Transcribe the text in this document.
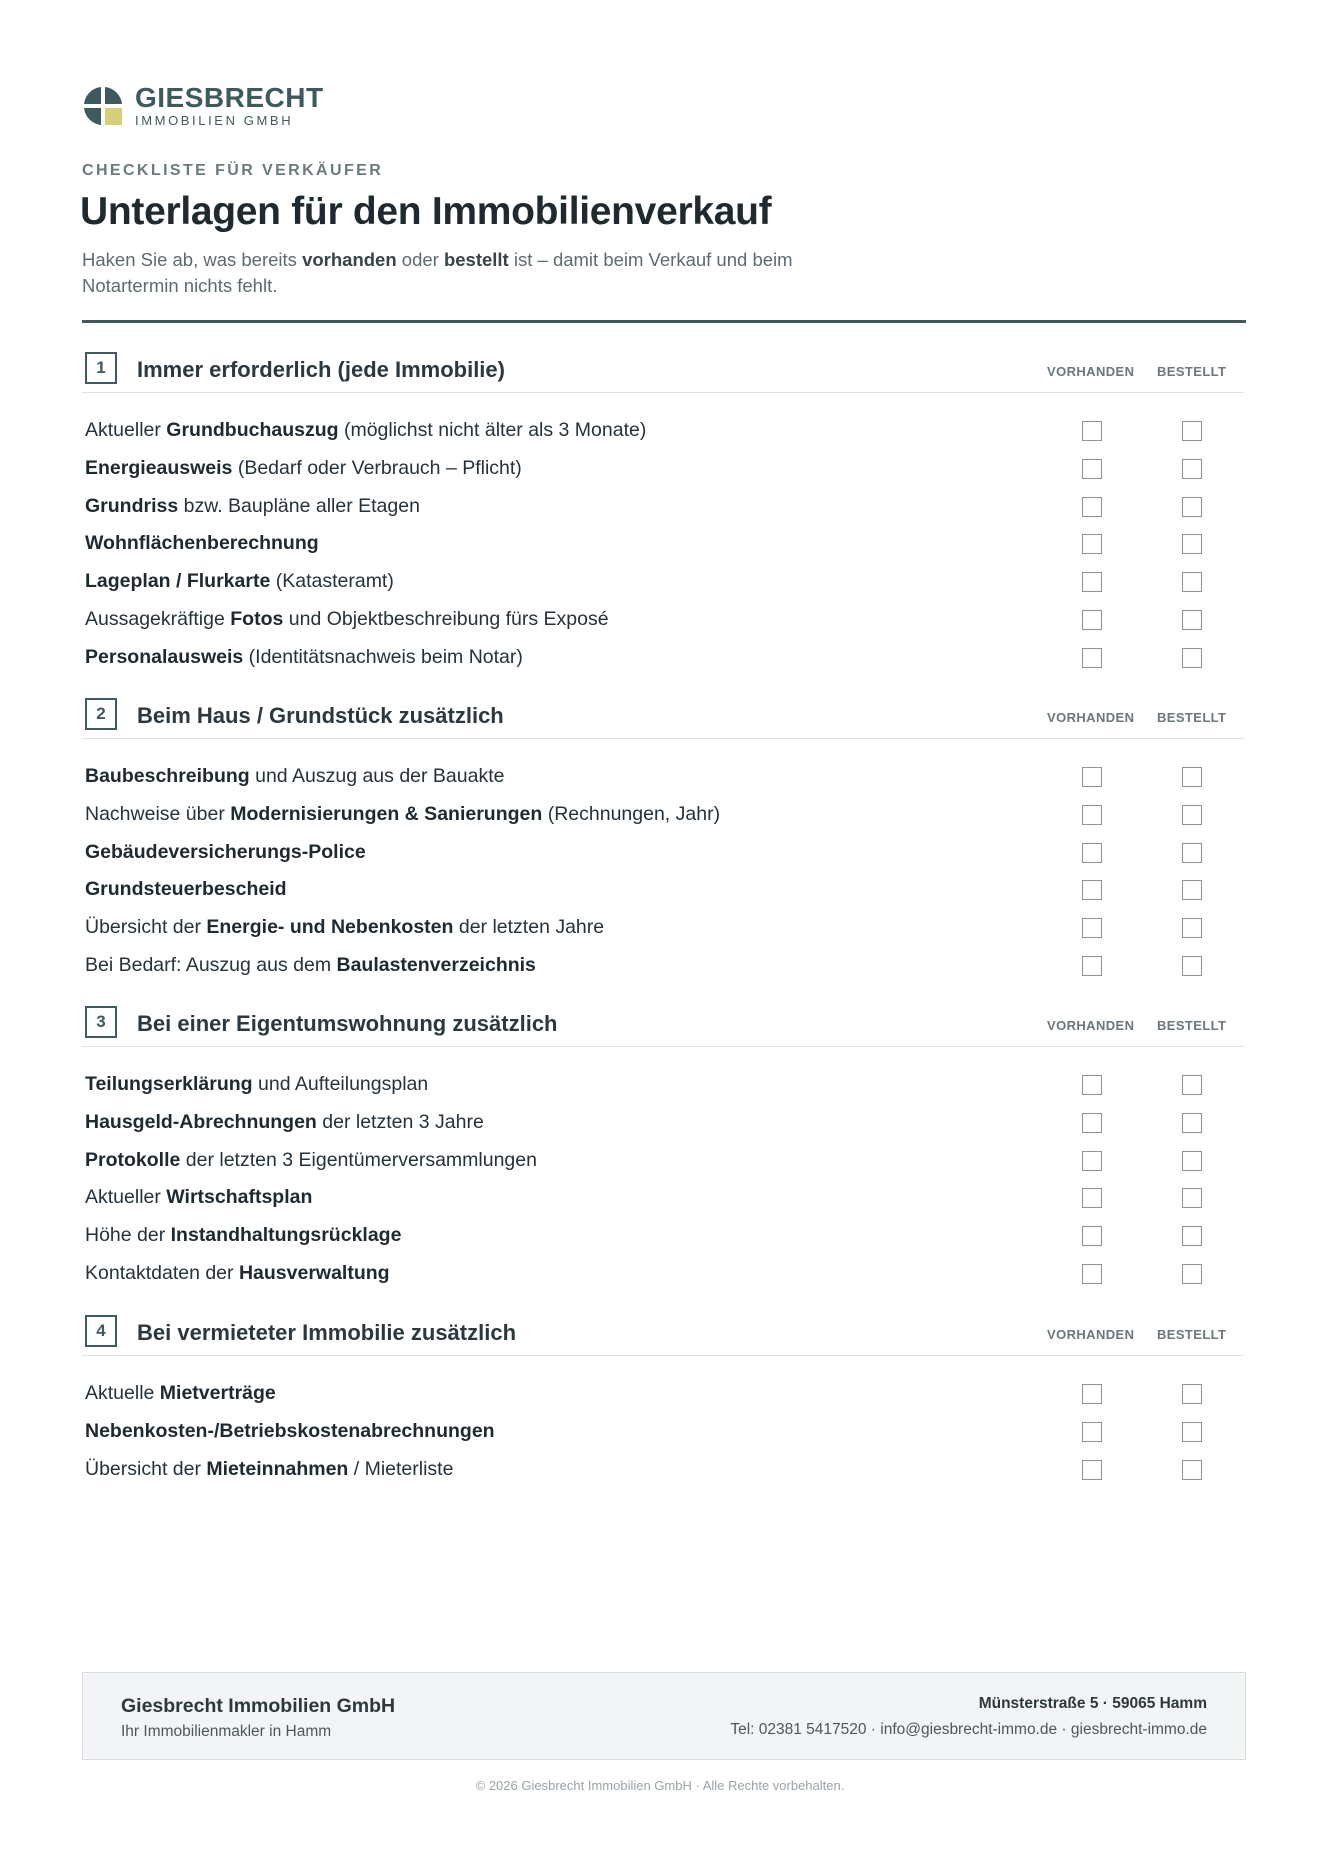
GIESBRECHT
IMMOBILIEN GMBH
CHECKLISTE FÜR VERKÄUFER
Unterlagen für den Immobilienverkauf

Haken Sie ab, was bereits vorhanden oder bestellt ist – damit beim Verkauf und beim Notartermin nichts fehlt.

1	Immer erforderlich (jede Immobilie)	VORHANDEN BESTELLT
Aktueller Grundbuchauszug (möglichst nicht älter als 3 Monate)
Energieausweis (Bedarf oder Verbrauch – Pflicht)
Grundriss bzw. Baupläne aller Etagen
Wohnflächenberechnung
Lageplan / Flurkarte (Katasteramt)
Aussagekräftige Fotos und Objektbeschreibung fürs Exposé
Personalausweis (Identitätsnachweis beim Notar)
2	Beim Haus / Grundstück zusätzlich	VORHANDEN BESTELLT
Baubeschreibung und Auszug aus der Bauakte
Nachweise über Modernisierungen & Sanierungen (Rechnungen, Jahr)
Gebäudeversicherungs-Police
Grundsteuerbescheid
Übersicht der Energie- und Nebenkosten der letzten Jahre
Bei Bedarf: Auszug aus dem Baulastenverzeichnis
3	Bei einer Eigentumswohnung zusätzlich	VORHANDEN BESTELLT
Teilungserklärung und Aufteilungsplan
Hausgeld-Abrechnungen der letzten 3 Jahre
Protokolle der letzten 3 Eigentümerversammlungen
Aktueller Wirtschaftsplan
Höhe der Instandhaltungsrücklage
Kontaktdaten der Hausverwaltung
4	Bei vermieteter Immobilie zusätzlich	VORHANDEN BESTELLT
Aktuelle Mietverträge
Nebenkosten-/Betriebskostenabrechnungen
Übersicht der Mieteinnahmen / Mieterliste
Giesbrecht Immobilien GmbH
Ihr Immobilienmakler in Hamm
Münsterstraße 5 · 59065 Hamm
Tel: 02381 5417520 · info@giesbrecht-immo.de · giesbrecht-immo.de
© 2026 Giesbrecht Immobilien GmbH · Alle Rechte vorbehalten.
